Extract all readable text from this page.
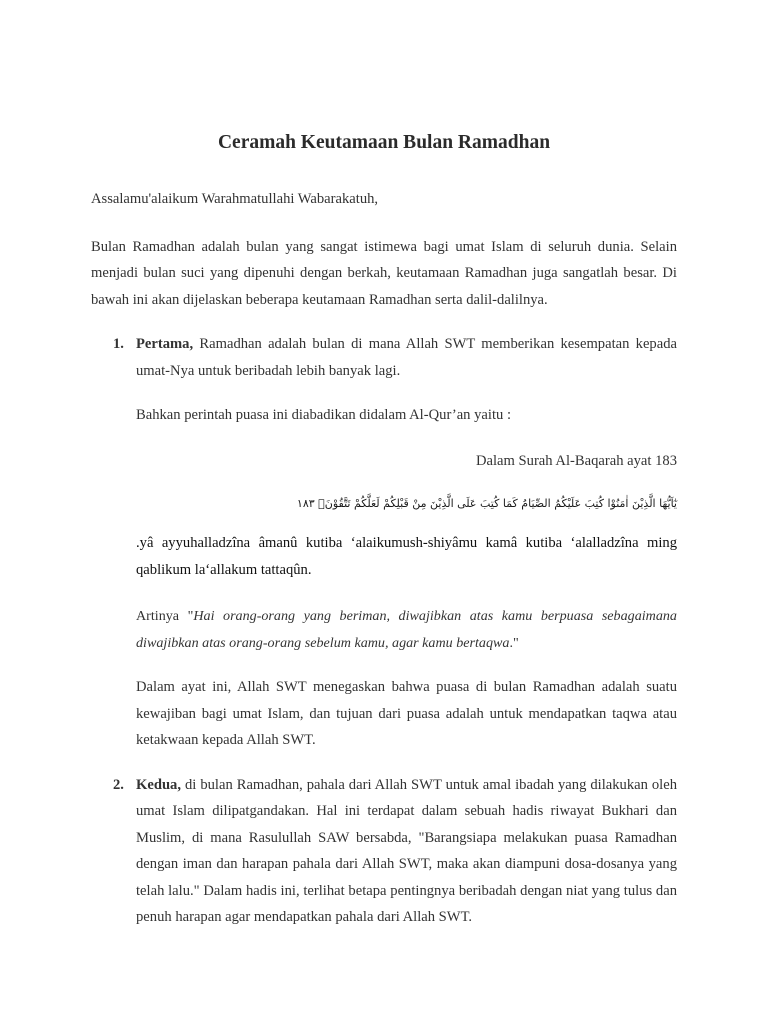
Ceramah Keutamaan Bulan Ramadhan

Assalamu'alaikum Warahmatullahi Wabarakatuh,

Bulan Ramadhan adalah bulan yang sangat istimewa bagi umat Islam di seluruh dunia. Selain menjadi bulan suci yang dipenuhi dengan berkah, keutamaan Ramadhan juga sangatlah besar. Di bawah ini akan dijelaskan beberapa keutamaan Ramadhan serta dalil-dalilnya.

1. Pertama, Ramadhan adalah bulan di mana Allah SWT memberikan kesempatan kepada umat-Nya untuk beribadah lebih banyak lagi.

Bahkan perintah puasa ini diabadikan didalam Al-Qur’an yaitu :

Dalam Surah Al-Baqarah ayat 183

يٰٓاَيُّهَا الَّذِيْنَ اٰمَنُوْا كُتِبَ عَلَيْكُمُ الصِّيَامُ كَمَا كُتِبَ عَلَى الَّذِيْنَ مِنْ قَبْلِكُمْ لَعَلَّكُمْ تَتَّقُوْنَۙ ١٨٣

.yâ ayyuhalladzîna âmanû kutiba ‘alaikumush-shiyâmu kamâ kutiba ‘alalladzîna ming qablikum la‘allakum tattaqûn.

Artinya "Hai orang-orang yang beriman, diwajibkan atas kamu berpuasa sebagaimana diwajibkan atas orang-orang sebelum kamu, agar kamu bertaqwa."

Dalam ayat ini, Allah SWT menegaskan bahwa puasa di bulan Ramadhan adalah suatu kewajiban bagi umat Islam, dan tujuan dari puasa adalah untuk mendapatkan taqwa atau ketakwaan kepada Allah SWT.

2. Kedua, di bulan Ramadhan, pahala dari Allah SWT untuk amal ibadah yang dilakukan oleh umat Islam dilipatgandakan. Hal ini terdapat dalam sebuah hadis riwayat Bukhari dan Muslim, di mana Rasulullah SAW bersabda, "Barangsiapa melakukan puasa Ramadhan dengan iman dan harapan pahala dari Allah SWT, maka akan diampuni dosa-dosanya yang telah lalu." Dalam hadis ini, terlihat betapa pentingnya beribadah dengan niat yang tulus dan penuh harapan agar mendapatkan pahala dari Allah SWT.
